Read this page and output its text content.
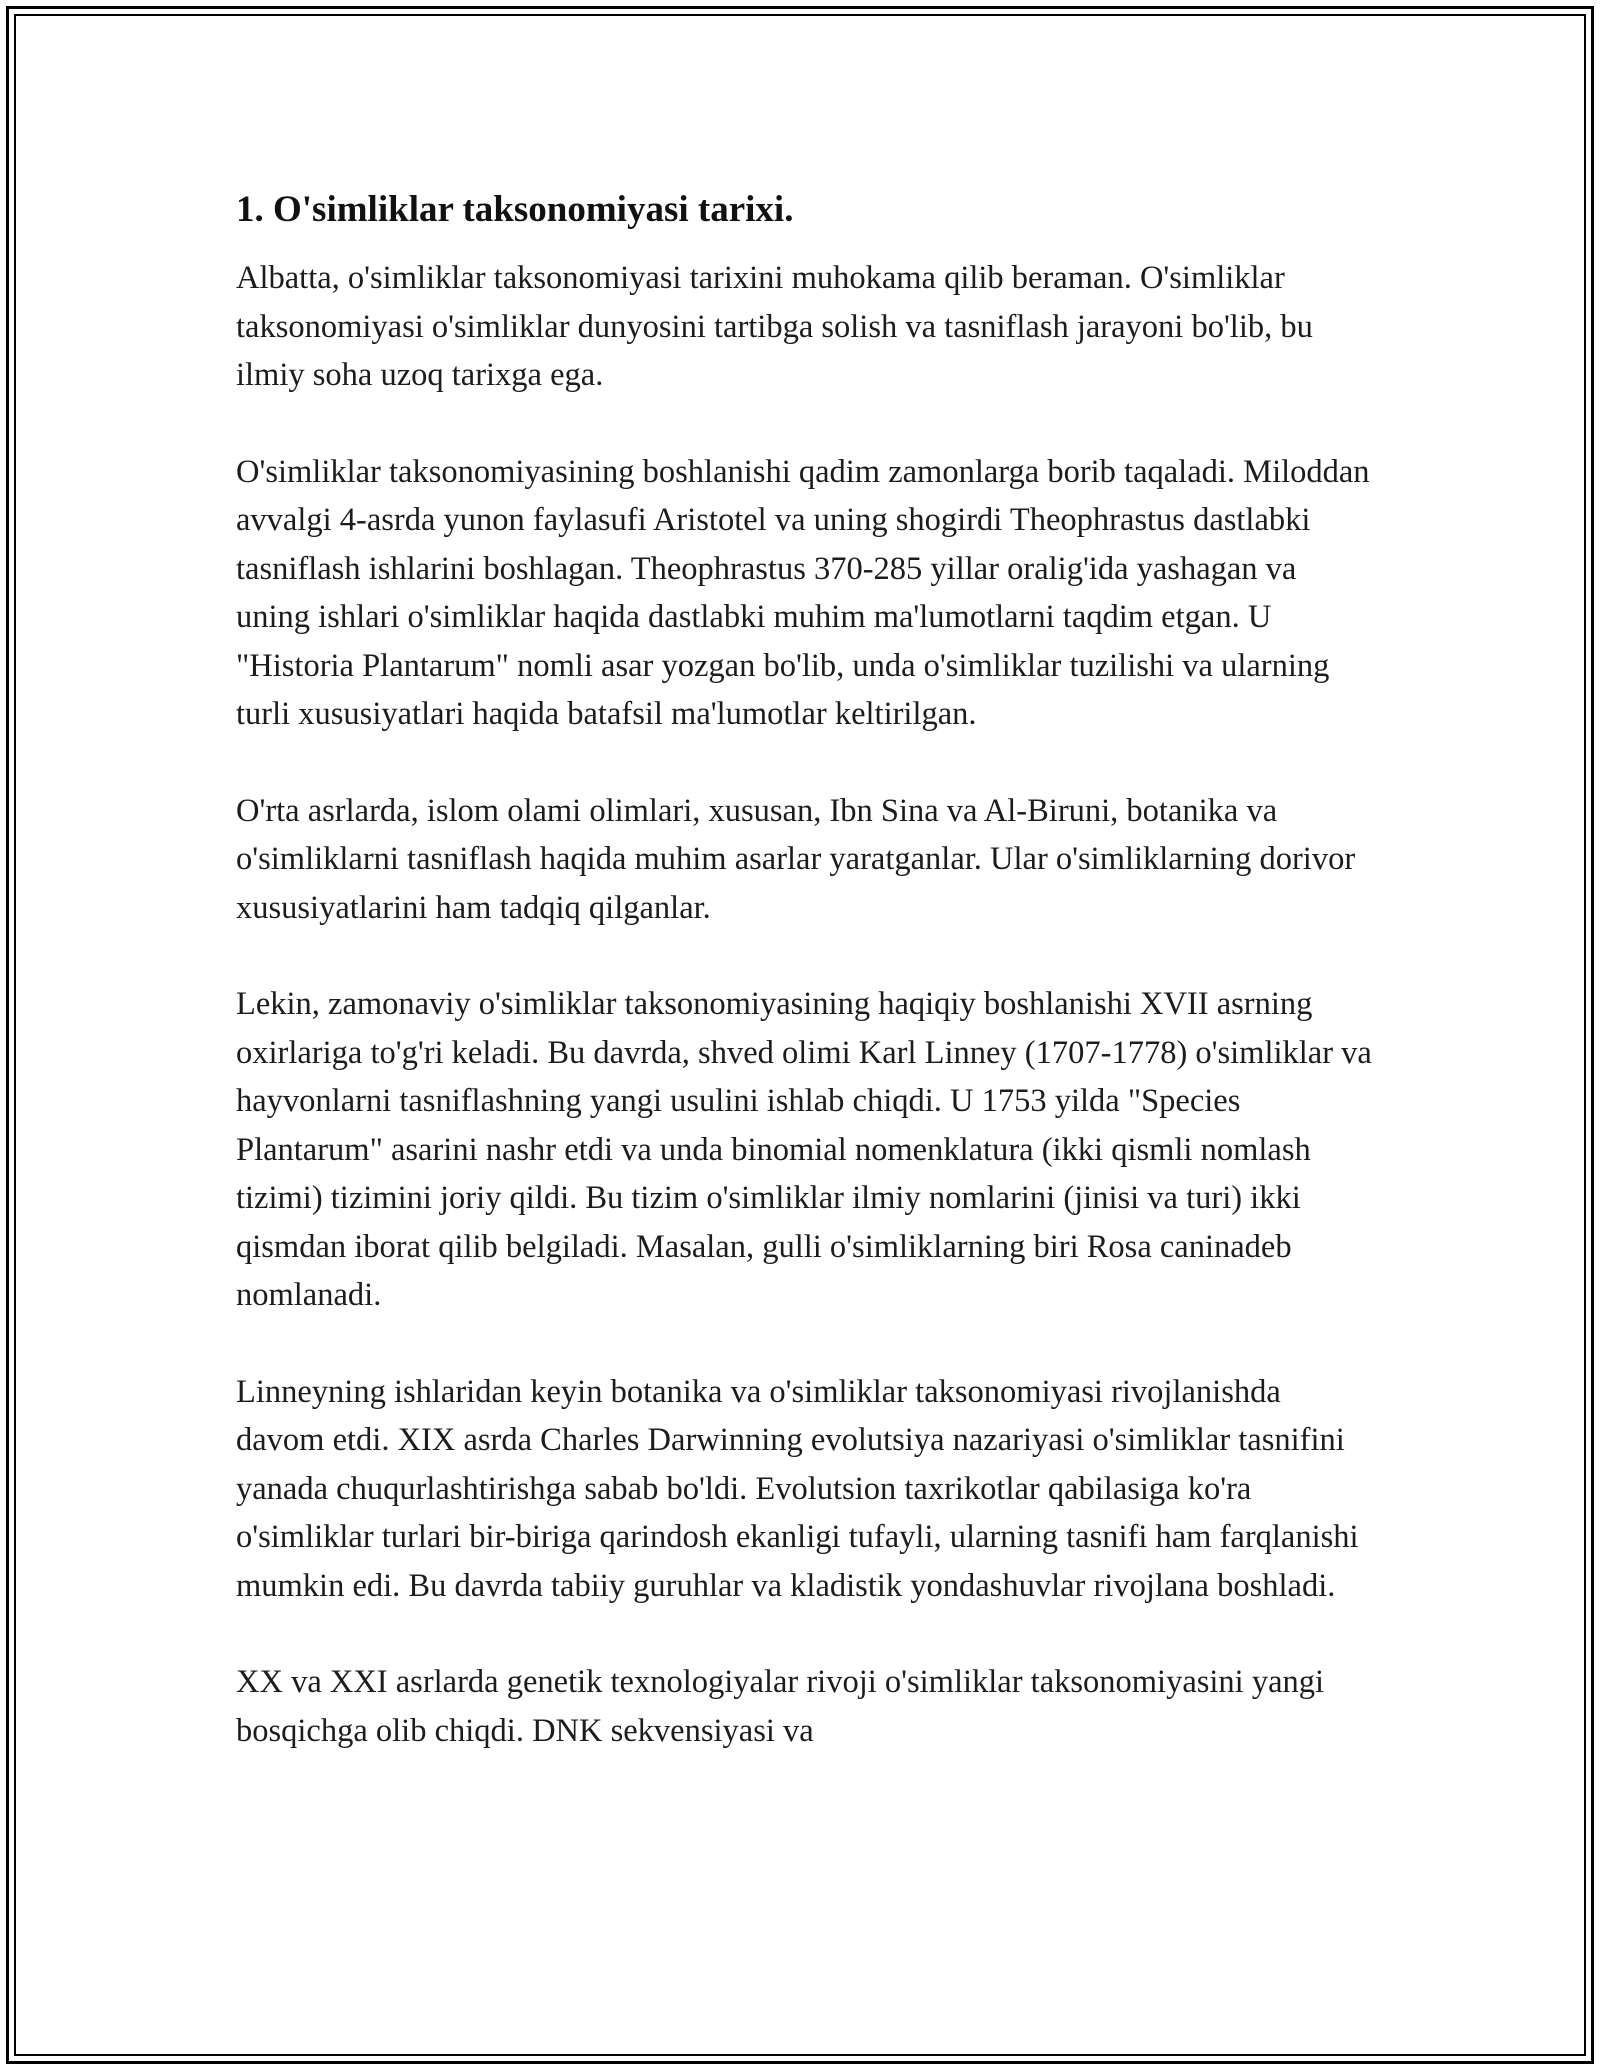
1. O'simliklar taksonomiyasi tarixi.

Albatta, o'simliklar taksonomiyasi tarixini muhokama qilib beraman. O'simliklar taksonomiyasi o'simliklar dunyosini tartibga solish va tasniflash jarayoni bo'lib, bu ilmiy soha uzoq tarixga ega.

O'simliklar taksonomiyasining boshlanishi qadim zamonlarga borib taqaladi. Miloddan avvalgi 4-asrda yunon faylasufi Aristotel va uning shogirdi Theophrastus dastlabki tasniflash ishlarini boshlagan. Theophrastus 370-285 yillar oralig'ida yashagan va uning ishlari o'simliklar haqida dastlabki muhim ma'lumotlarni taqdim etgan. U "Historia Plantarum" nomli asar yozgan bo'lib, unda o'simliklar tuzilishi va ularning turli xususiyatlari haqida batafsil ma'lumotlar keltirilgan.

O'rta asrlarda, islom olami olimlari, xususan, Ibn Sina va Al-Biruni, botanika va o'simliklarni tasniflash haqida muhim asarlar yaratganlar. Ular o'simliklarning dorivor xususiyatlarini ham tadqiq qilganlar.

Lekin, zamonaviy o'simliklar taksonomiyasining haqiqiy boshlanishi XVII asrning oxirlariga to'g'ri keladi. Bu davrda, shved olimi Karl Linney (1707-1778) o'simliklar va hayvonlarni tasniflashning yangi usulini ishlab chiqdi. U 1753 yilda "Species Plantarum" asarini nashr etdi va unda binomial nomenklatura (ikki qismli nomlash tizimi) tizimini joriy qildi. Bu tizim o'simliklar ilmiy nomlarini (jinisi va turi) ikki qismdan iborat qilib belgiladi. Masalan, gulli o'simliklarning biri Rosa caninadeb nomlanadi.

Linneyning ishlaridan keyin botanika va o'simliklar taksonomiyasi rivojlanishda davom etdi. XIX asrda Charles Darwinning evolutsiya nazariyasi o'simliklar tasnifini yanada chuqurlashtirishga sabab bo'ldi. Evolutsion taxrikotlar qabilasiga ko'ra o'simliklar turlari bir-biriga qarindosh ekanligi tufayli, ularning tasnifi ham farqlanishi mumkin edi. Bu davrda tabiiy guruhlar va kladistik yondashuvlar rivojlana boshladi.

XX va XXI asrlarda genetik texnologiyalar rivoji o'simliklar taksonomiyasini yangi bosqichga olib chiqdi. DNK sekvensiyasi va
